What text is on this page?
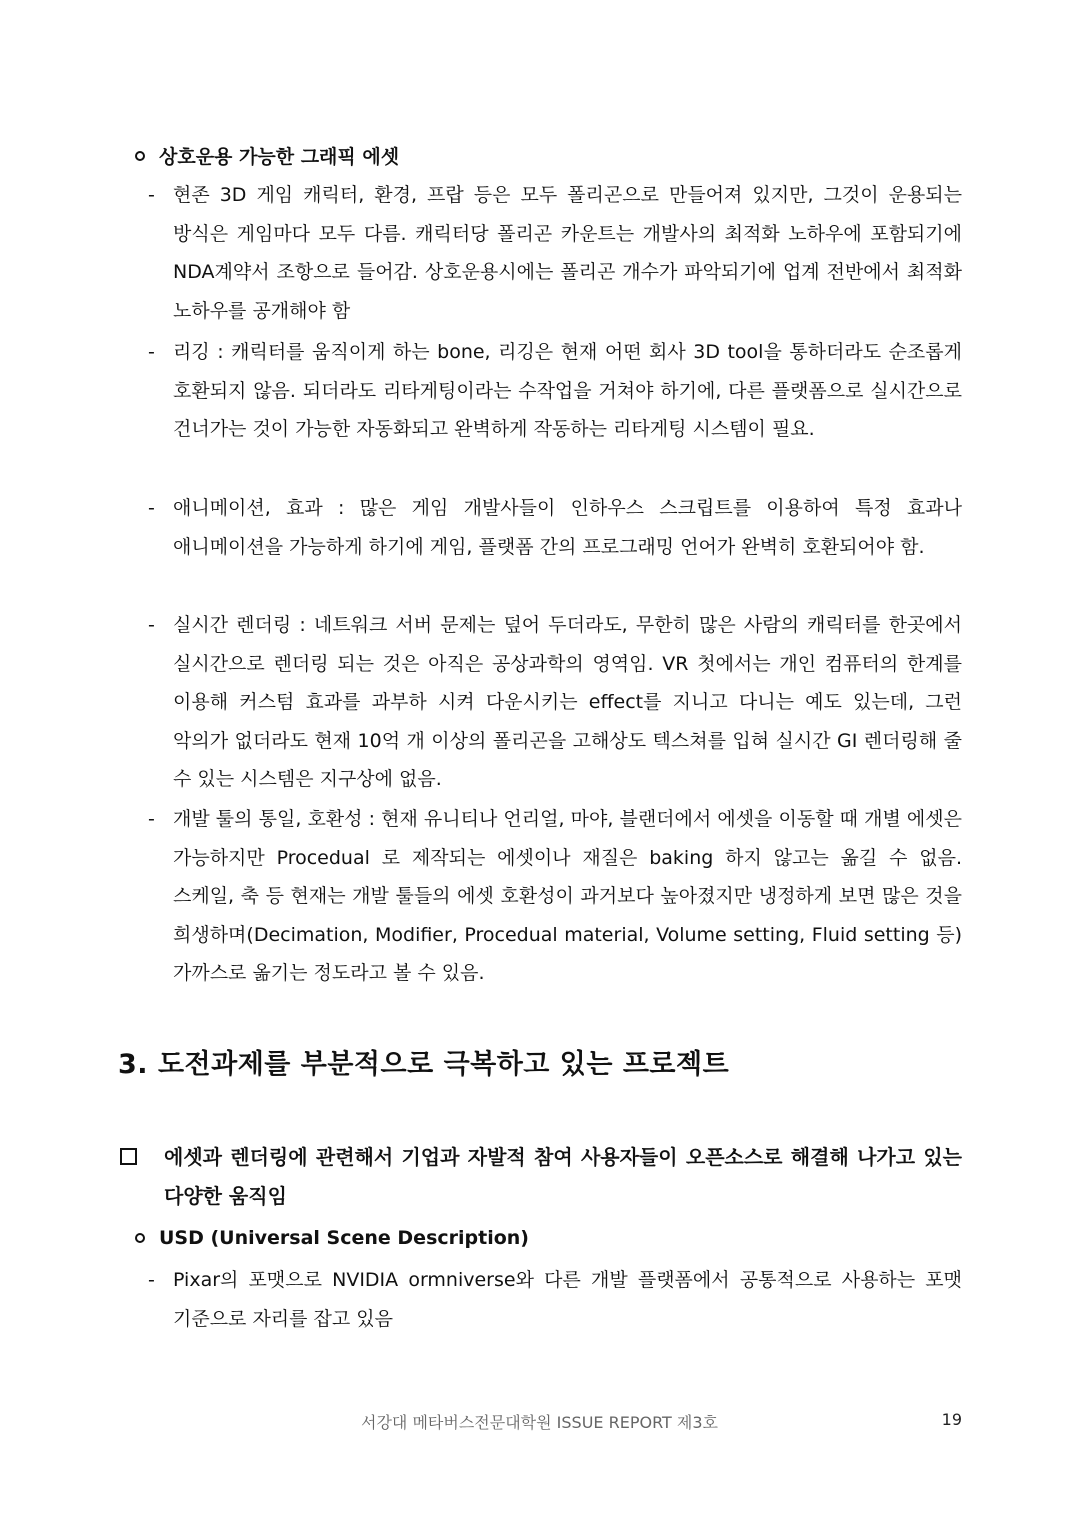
상호운용 가능한 그래픽 에셋
- 현존 3D 게임 캐릭터, 환경, 프랍 등은 모두 폴리곤으로 만들어져 있지만, 그것이 운용되는 방식은 게임마다 모두 다름. 캐릭터당 폴리곤 카운트는 개발사의 최적화 노하우에 포함되기에 NDA계약서 조항으로 들어감. 상호운용시에는 폴리곤 개수가 파악되기에 업계 전반에서 최적화 노하우를 공개해야 함
- 리깅 : 캐릭터를 움직이게 하는 bone, 리깅은 현재 어떤 회사 3D tool을 통하더라도 순조롭게 호환되지 않음. 되더라도 리타게팅이라는 수작업을 거쳐야 하기에, 다른 플랫폼으로 실시간으로 건너가는 것이 가능한 자동화되고 완벽하게 작동하는 리타게팅 시스템이 필요.
- 애니메이션, 효과 : 많은 게임 개발사들이 인하우스 스크립트를 이용하여 특정 효과나 애니메이션을 가능하게 하기에 게임, 플랫폼 간의 프로그래밍 언어가 완벽히 호환되어야 함.
- 실시간 렌더링 : 네트워크 서버 문제는 덮어 두더라도, 무한히 많은 사람의 캐릭터를 한곳에서 실시간으로 렌더링 되는 것은 아직은 공상과학의 영역임. VR 첫에서는 개인 컴퓨터의 한계를 이용해 커스텀 효과를 과부하 시켜 다운시키는 effect를 지니고 다니는 예도 있는데, 그런 악의가 없더라도 현재 10억 개 이상의 폴리곤을 고해상도 텍스쳐를 입혀 실시간 GI 렌더링해 줄 수 있는 시스템은 지구상에 없음.
- 개발 툴의 통일, 호환성 : 현재 유니티나 언리얼, 마야, 블랜더에서 에셋을 이동할 때 개별 에셋은 가능하지만 Procedual 로 제작되는 에셋이나 재질은 baking 하지 않고는 옮길 수 없음. 스케일, 축 등 현재는 개발 툴들의 에셋 호환성이 과거보다 높아졌지만 냉정하게 보면 많은 것을 희생하며(Decimation, Modifier, Procedual material, Volume setting, Fluid setting 등) 가까스로 옮기는 정도라고 볼 수 있음.
3. 도전과제를 부분적으로 극복하고 있는 프로젝트
에셋과 렌더링에 관련해서 기업과 자발적 참여 사용자들이 오픈소스로 해결해 나가고 있는 다양한 움직임
USD (Universal Scene Description)
- Pixar의 포맷으로 NVIDIA ormniverse와 다른 개발 플랫폼에서 공통적으로 사용하는 포맷 기준으로 자리를 잡고 있음
서강대 메타버스전문대학원 ISSUE REPORT 제3호	19
